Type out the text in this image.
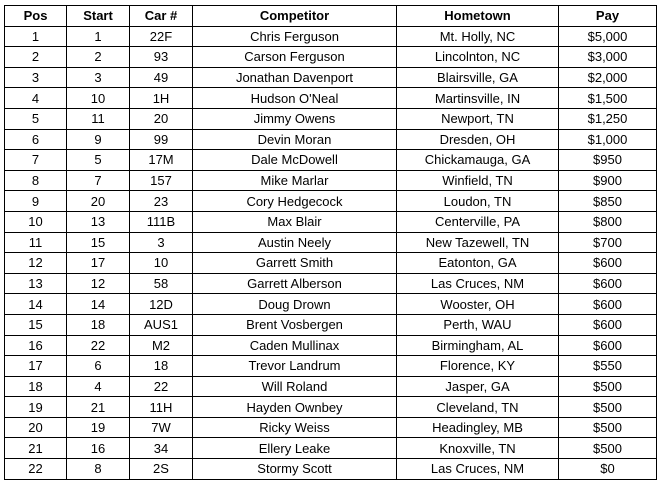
Pos	Start	Car #	Competitor	Hometown	Pay
1	1	22F	Chris Ferguson	Mt. Holly, NC	$5,000
2	2	93	Carson Ferguson	Lincolnton, NC	$3,000
3	3	49	Jonathan Davenport	Blairsville, GA	$2,000
4	10	1H	Hudson O'Neal	Martinsville, IN	$1,500
5	11	20	Jimmy Owens	Newport, TN	$1,250
6	9	99	Devin Moran	Dresden, OH	$1,000
7	5	17M	Dale McDowell	Chickamauga, GA	$950
8	7	157	Mike Marlar	Winfield, TN	$900
9	20	23	Cory Hedgecock	Loudon, TN	$850
10	13	111B	Max Blair	Centerville, PA	$800
11	15	3	Austin Neely	New Tazewell, TN	$700
12	17	10	Garrett Smith	Eatonton, GA	$600
13	12	58	Garrett Alberson	Las Cruces, NM	$600
14	14	12D	Doug Drown	Wooster, OH	$600
15	18	AUS1	Brent Vosbergen	Perth, WAU	$600
16	22	M2	Caden Mullinax	Birmingham, AL	$600
17	6	18	Trevor Landrum	Florence, KY	$550
18	4	22	Will Roland	Jasper, GA	$500
19	21	11H	Hayden Ownbey	Cleveland, TN	$500
20	19	7W	Ricky Weiss	Headingley, MB	$500
21	16	34	Ellery Leake	Knoxville, TN	$500
22	8	2S	Stormy Scott	Las Cruces, NM	$0
